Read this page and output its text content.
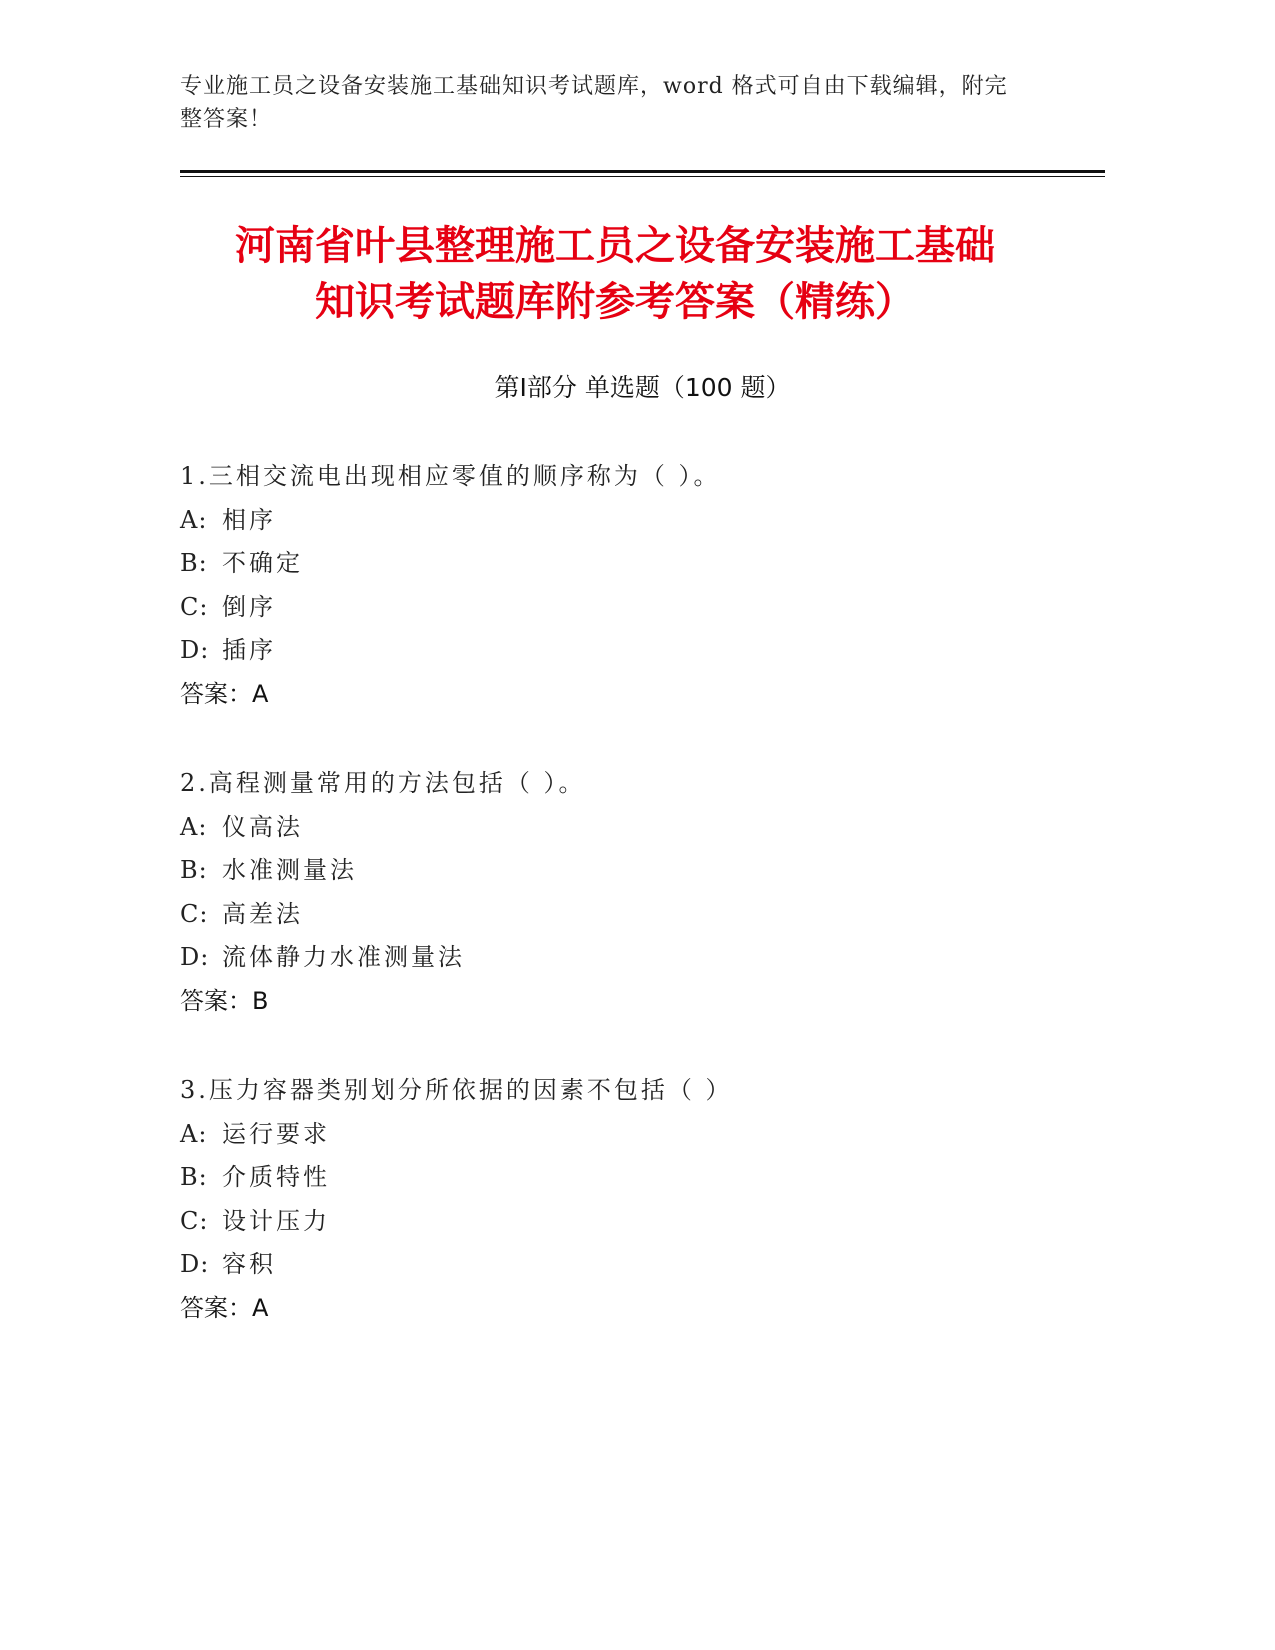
专业施工员之设备安装施工基础知识考试题库，word 格式可自由下载编辑，附完
整答案！
河南省叶县整理施工员之设备安装施工基础
知识考试题库附参考答案（精练）
第Ⅰ部分 单选题（100 题）
1.三相交流电出现相应零值的顺序称为（ ）。
A: 相序
B: 不确定
C: 倒序
D: 插序
答案：A
2.高程测量常用的方法包括（ ）。
A: 仪高法
B: 水准测量法
C: 高差法
D: 流体静力水准测量法
答案：B
3.压力容器类别划分所依据的因素不包括（ ）
A: 运行要求
B: 介质特性
C: 设计压力
D: 容积
答案：A
